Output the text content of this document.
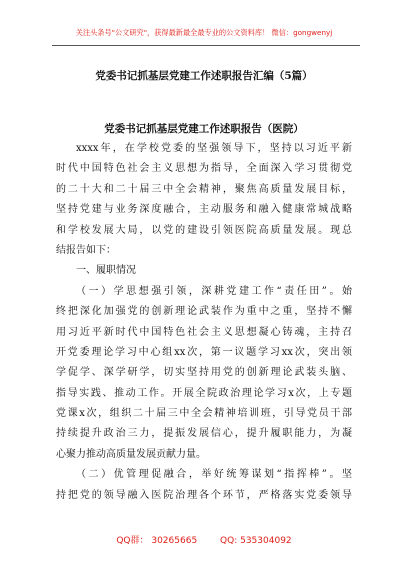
关注头条号"公文研究"，获得最新最全最专业的公文资料库！ 微信：gongwenyj
党委书记抓基层党建工作述职报告汇编（5篇）
党委书记抓基层党建工作述职报告（医院）
xxxx年，在学校党委的坚强领导下，坚持以习近平新
时代中国特色社会主义思想为指导，全面深入学习贯彻党
的二十大和二十届三中全会精神，聚焦高质量发展目标，
坚持党建与业务深度融合，主动服务和融入健康常城战略
和学校发展大局，以党的建设引领医院高质量发展。现总
结报告如下：
一、履职情况
（一）学思想强引领，深耕党建工作“责任田”。始
终把深化加强党的创新理论武装作为重中之重，坚持不懈
用习近平新时代中国特色社会主义思想凝心铸魂，主持召
开党委理论学习中心组xx次，第一议题学习xx次，突出领
学促学、深学研学，切实坚持用党的创新理论武装头脑、
指导实践、推动工作。开展全院政治理论学习x次，上专题
党课x次，组织二十届三中全会精神培训班，引导党员干部
持续提升政治三力，提振发展信心，提升履职能力，为凝
心聚力推动高质量发展贡献力量。
（二）优管理促融合，举好统筹谋划“指挥棒”。坚
持把党的领导融入医院治理各个环节，严格落实党委领导
QQ群： 30265665	QQ: 535304092
